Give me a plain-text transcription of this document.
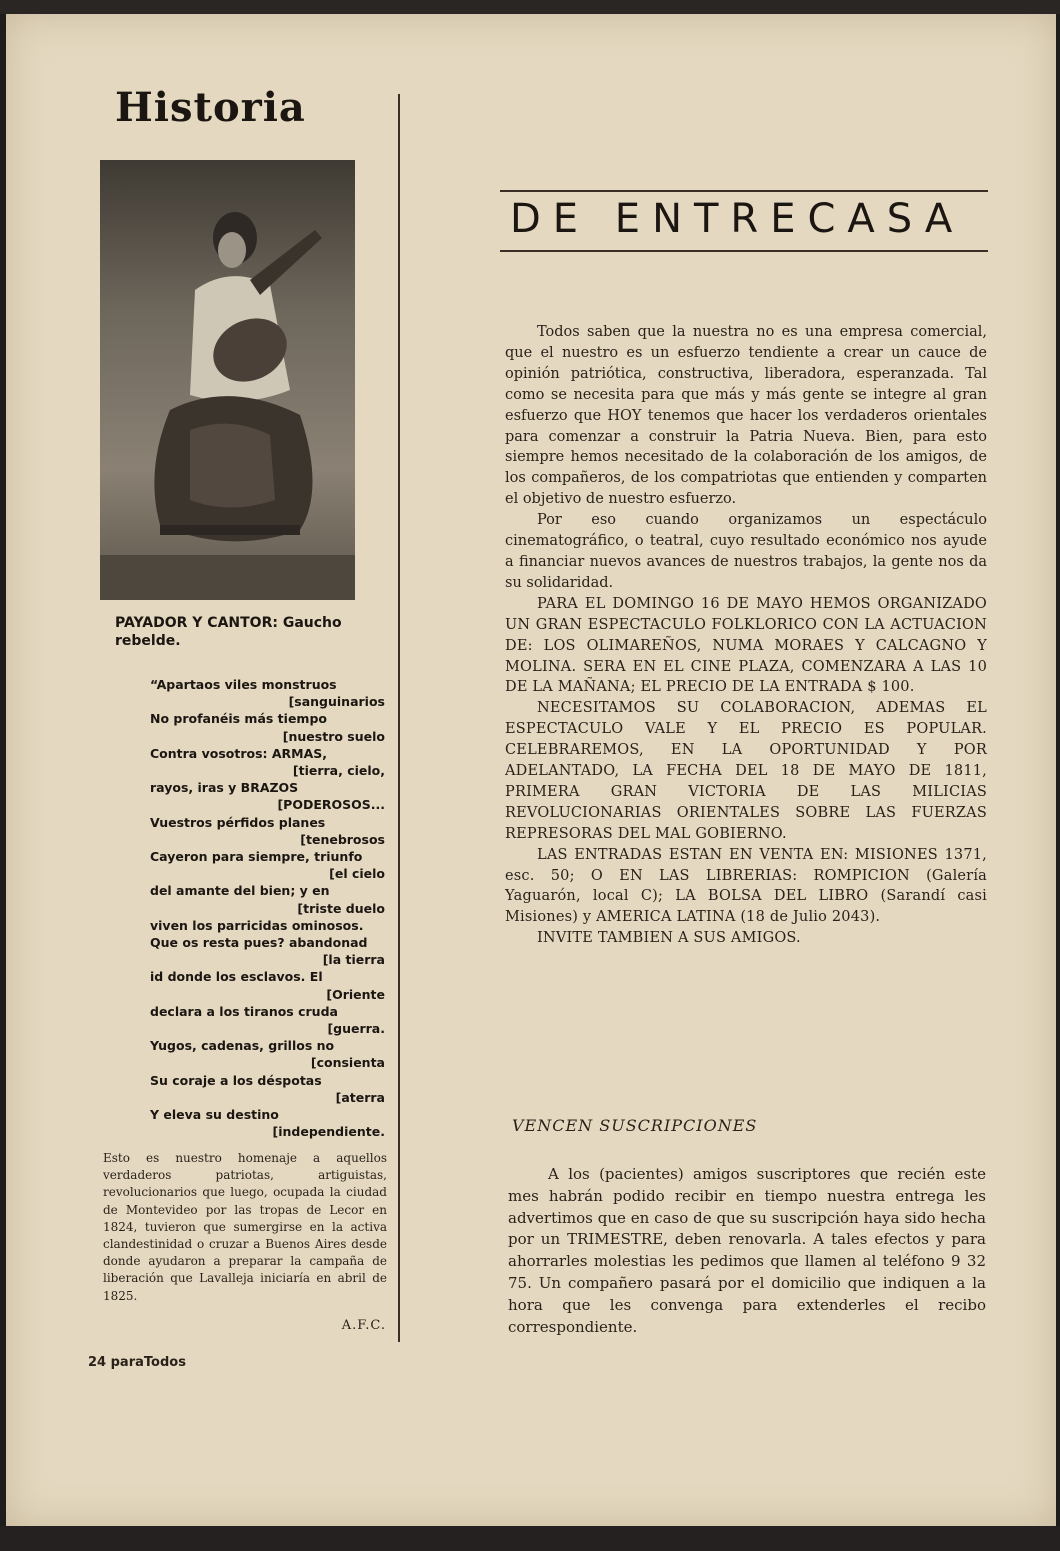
Historia
PAYADOR Y CANTOR: Gaucho rebelde.
“Apartaos viles monstruos
[sanguinarios
No profanéis más tiempo
[nuestro suelo
Contra vosotros: ARMAS,
[tierra, cielo,
rayos, iras y BRAZOS
[PODEROSOS...
Vuestros pérfidos planes
[tenebrosos
Cayeron para siempre, triunfo
[el cielo
del amante del bien; y en
[triste duelo
viven los parricidas ominosos.
Que os resta pues? abandonad
[la tierra
id donde los esclavos. El
[Oriente
declara a los tiranos cruda
[guerra.
Yugos, cadenas, grillos no
[consienta
Su coraje a los déspotas
[aterra
Y eleva su destino
[independiente.
Esto es nuestro homenaje a aquellos verdaderos patriotas, artiguistas, revolucionarios que luego, ocupada la ciudad de Montevideo por las tropas de Lecor en 1824, tuvieron que sumergirse en la activa clandestinidad o cruzar a Buenos Aires desde donde ayudaron a preparar la campaña de liberación que Lavalleja iniciaría en abril de 1825.
A.F.C.
24 paraTodos
DE ENTRECASA

Todos saben que la nuestra no es una empresa comercial, que el nuestro es un esfuerzo tendiente a crear un cauce de opinión patriótica, constructiva, liberadora, esperanzada. Tal como se necesita para que más y más gente se integre al gran esfuerzo que HOY tenemos que hacer los verdaderos orientales para comenzar a construir la Patria Nueva. Bien, para esto siempre hemos necesitado de la colaboración de los amigos, de los compañeros, de los compatriotas que entienden y comparten el objetivo de nuestro esfuerzo.

Por eso cuando organizamos un espectáculo cinematográfico, o teatral, cuyo resultado económico nos ayude a financiar nuevos avances de nuestros trabajos, la gente nos da su solidaridad.

PARA EL DOMINGO 16 DE MAYO HEMOS ORGANIZADO UN GRAN ESPECTACULO FOLKLORICO CON LA ACTUACION DE: LOS OLIMAREÑOS, NUMA MORAES Y CALCAGNO Y MOLINA. SERA EN EL CINE PLAZA, COMENZARA A LAS 10 DE LA MAÑANA; EL PRECIO DE LA ENTRADA $ 100.

NECESITAMOS SU COLABORACION, ADEMAS EL ESPECTACULO VALE Y EL PRECIO ES POPULAR. CELEBRAREMOS, EN LA OPORTUNIDAD Y POR ADELANTADO, LA FECHA DEL 18 DE MAYO DE 1811, PRIMERA GRAN VICTORIA DE LAS MILICIAS REVOLUCIONARIAS ORIENTALES SOBRE LAS FUERZAS REPRESORAS DEL MAL GOBIERNO.

LAS ENTRADAS ESTAN EN VENTA EN: MISIONES 1371, esc. 50; O EN LAS LIBRERIAS: ROMPICION (Galería Yaguarón, local C); LA BOLSA DEL LIBRO (Sarandí casi Misiones) y AMERICA LATINA (18 de Julio 2043).

INVITE TAMBIEN A SUS AMIGOS.

VENCEN SUSCRIPCIONES

A los (pacientes) amigos suscriptores que recién este mes habrán podido recibir en tiempo nuestra entrega les advertimos que en caso de que su suscripción haya sido hecha por un TRIMESTRE, deben renovarla. A tales efectos y para ahorrarles molestias les pedimos que llamen al teléfono 9 32 75. Un compañero pasará por el domicilio que indiquen a la hora que les convenga para extenderles el recibo correspondiente.
